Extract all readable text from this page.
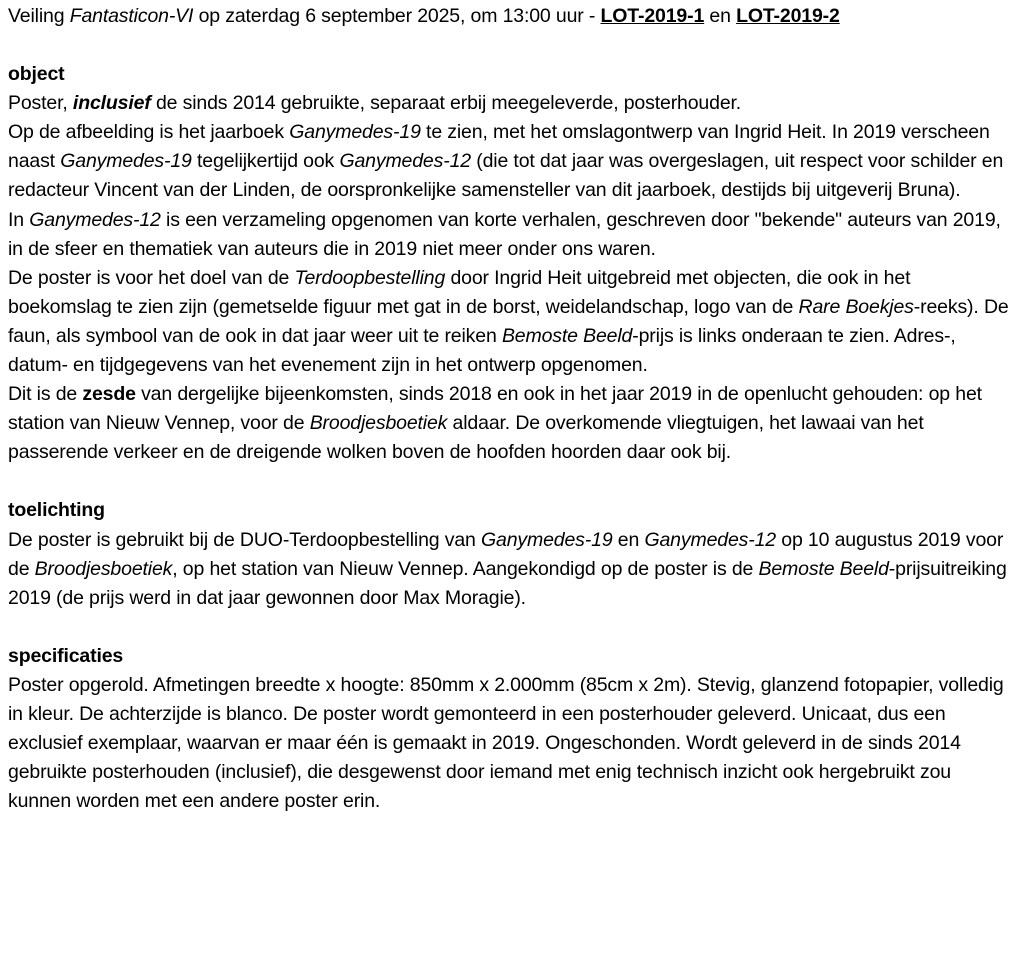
Veiling Fantasticon-VI op zaterdag 6 september 2025, om 13:00 uur - LOT-2019-1 en LOT-2019-2

object

Poster, inclusief de sinds 2014 gebruikte, separaat erbij meegeleverde, posterhouder.

Op de afbeelding is het jaarboek Ganymedes-19 te zien, met het omslagontwerp van Ingrid Heit. In 2019 verscheen naast Ganymedes-19 tegelijkertijd ook Ganymedes-12 (die tot dat jaar was overgeslagen, uit respect voor schilder en redacteur Vincent van der Linden, de oorspronkelijke samensteller van dit jaarboek, destijds bij uitgeverij Bruna).

In Ganymedes-12 is een verzameling opgenomen van korte verhalen, geschreven door "bekende" auteurs van 2019, in de sfeer en thematiek van auteurs die in 2019 niet meer onder ons waren.

De poster is voor het doel van de Terdoopbestelling door Ingrid Heit uitgebreid met objecten, die ook in het boekomslag te zien zijn (gemetselde figuur met gat in de borst, weidelandschap, logo van de Rare Boekjes-reeks). De faun, als symbool van de ook in dat jaar weer uit te reiken Bemoste Beeld-prijs is links onderaan te zien. Adres-, datum- en tijdgegevens van het evenement zijn in het ontwerp opgenomen.

Dit is de zesde van dergelijke bijeenkomsten, sinds 2018 en ook in het jaar 2019 in de openlucht gehouden: op het station van Nieuw Vennep, voor de Broodjesboetiek aldaar. De overkomende vliegtuigen, het lawaai van het passerende verkeer en de dreigende wolken boven de hoofden hoorden daar ook bij.

toelichting

De poster is gebruikt bij de DUO-Terdoopbestelling van Ganymedes-19 en Ganymedes-12 op 10 augustus 2019 voor de Broodjesboetiek, op het station van Nieuw Vennep. Aangekondigd op de poster is de Bemoste Beeld-prijsuitreiking 2019 (de prijs werd in dat jaar gewonnen door Max Moragie).

specificaties

Poster opgerold. Afmetingen breedte x hoogte: 850mm x 2.000mm (85cm x 2m). Stevig, glanzend fotopapier, volledig in kleur. De achterzijde is blanco. De poster wordt gemonteerd in een posterhouder geleverd. Unicaat, dus een exclusief exemplaar, waarvan er maar één is gemaakt in 2019. Ongeschonden. Wordt geleverd in de sinds 2014 gebruikte posterhouden (inclusief), die desgewenst door iemand met enig technisch inzicht ook hergebruikt zou kunnen worden met een andere poster erin.
